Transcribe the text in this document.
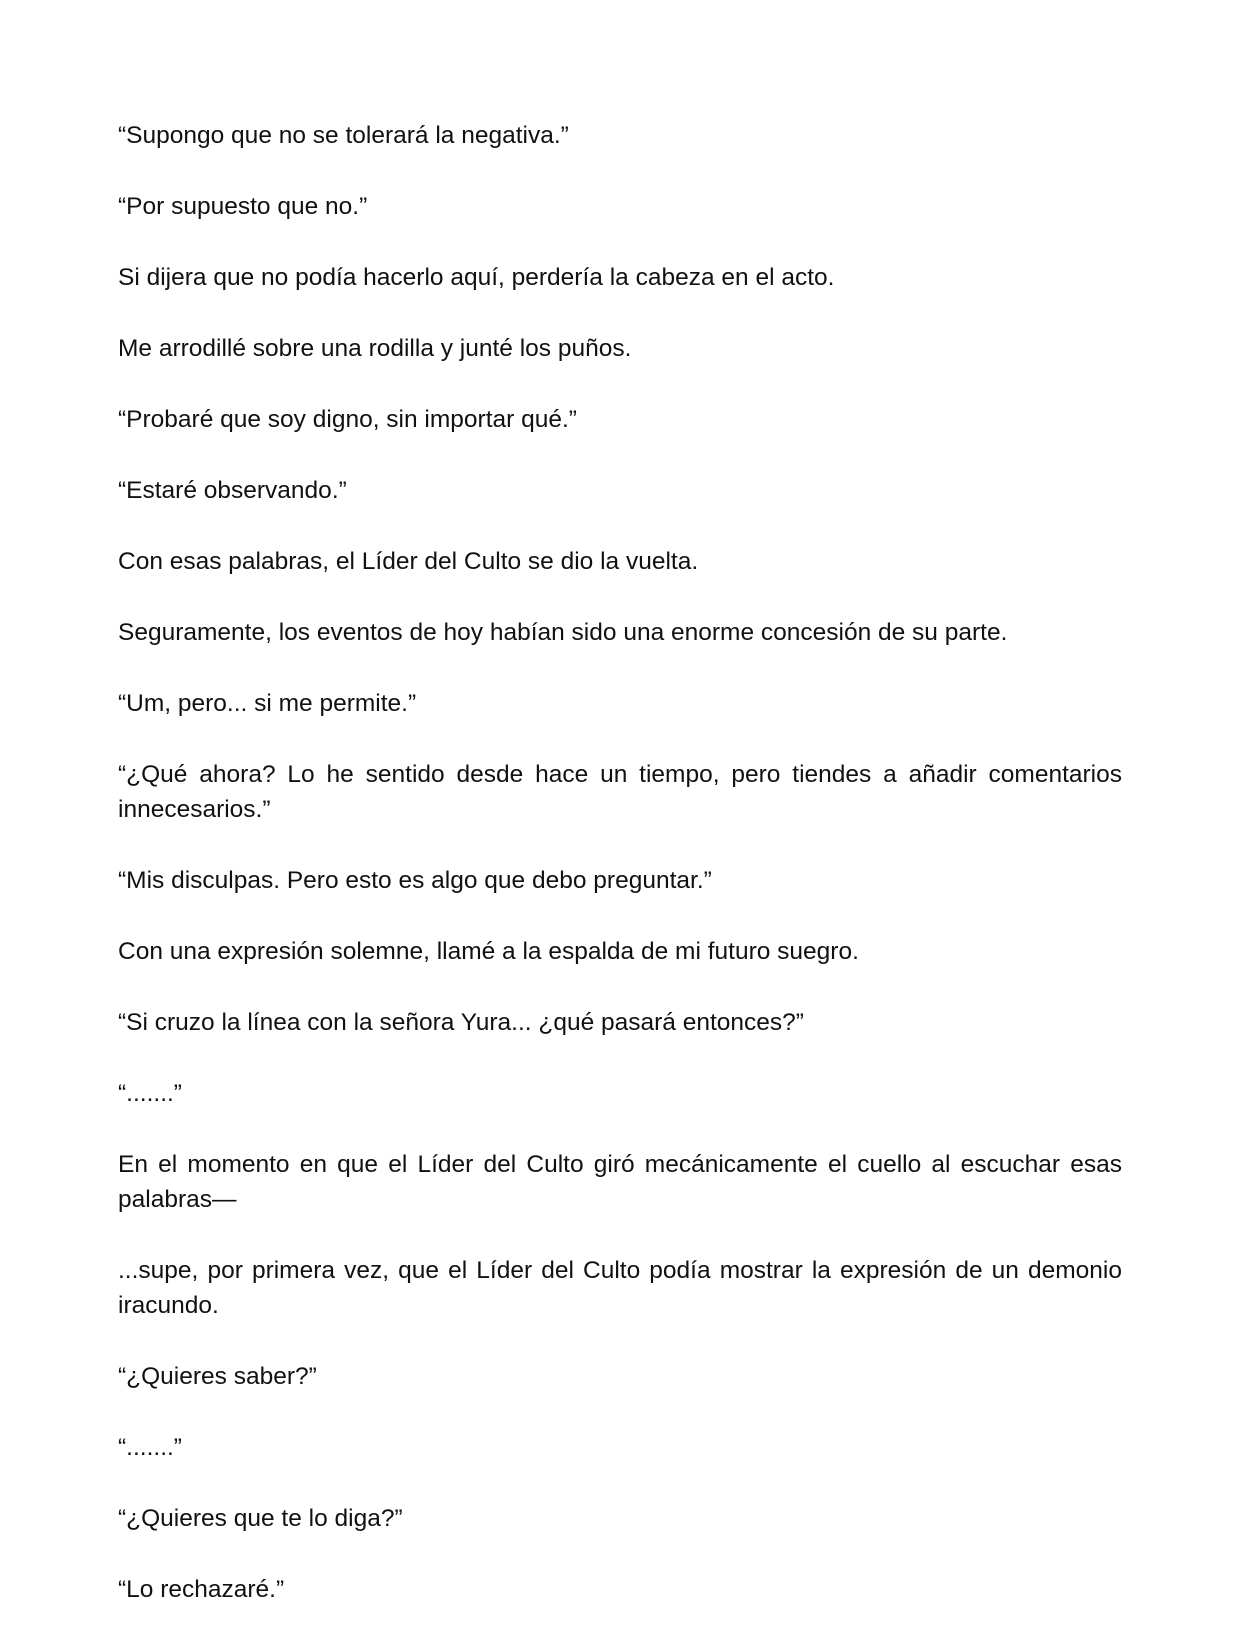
“Supongo que no se tolerará la negativa.”

“Por supuesto que no.”

Si dijera que no podía hacerlo aquí, perdería la cabeza en el acto.

Me arrodillé sobre una rodilla y junté los puños.

“Probaré que soy digno, sin importar qué.”

“Estaré observando.”

Con esas palabras, el Líder del Culto se dio la vuelta.

Seguramente, los eventos de hoy habían sido una enorme concesión de su parte.

“Um, pero... si me permite.”

“¿Qué ahora? Lo he sentido desde hace un tiempo, pero tiendes a añadir comentarios innecesarios.”

“Mis disculpas. Pero esto es algo que debo preguntar.”

Con una expresión solemne, llamé a la espalda de mi futuro suegro.

“Si cruzo la línea con la señora Yura... ¿qué pasará entonces?”

“.......”

En el momento en que el Líder del Culto giró mecánicamente el cuello al escuchar esas palabras—

...supe, por primera vez, que el Líder del Culto podía mostrar la expresión de un demonio iracundo.

“¿Quieres saber?”

“.......”

“¿Quieres que te lo diga?”

“Lo rechazaré.”
